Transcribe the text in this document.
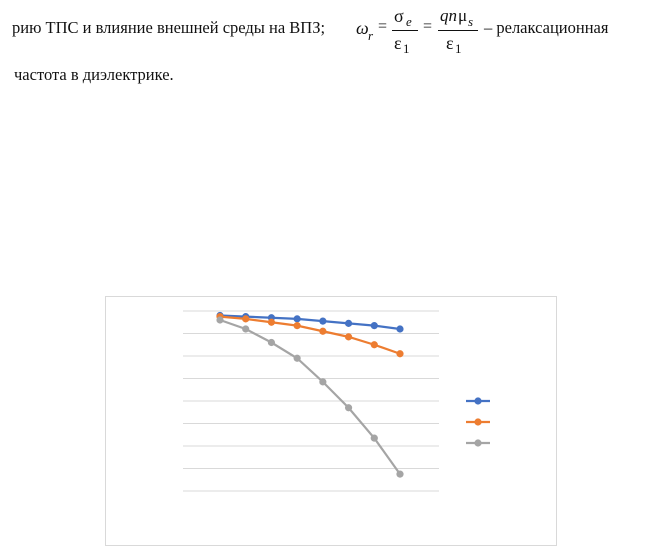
рию ТПС и влияние внешней среды на ВПЗ; ω r
=
σ e
ε 1
=
qn μ s
ε 1
– релаксационная
частота в диэлектрике.
